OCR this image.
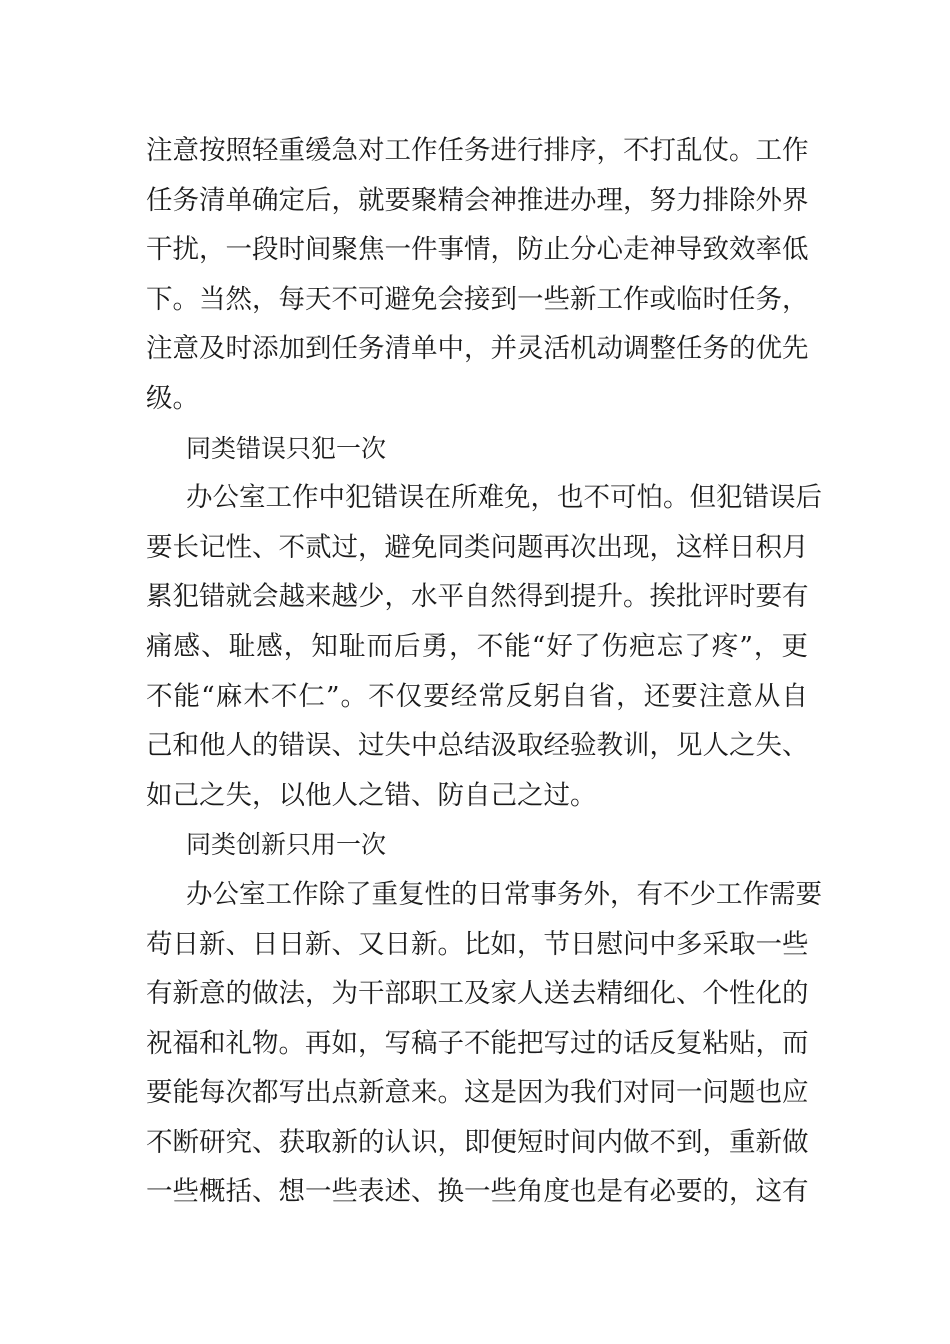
注意按照轻重缓急对工作任务进行排序，不打乱仗。工作
任务清单确定后，就要聚精会神推进办理，努力排除外界
干扰，一段时间聚焦一件事情，防止分心走神导致效率低
下。当然，每天不可避免会接到一些新工作或临时任务，
注意及时添加到任务清单中，并灵活机动调整任务的优先
级。
同类错误只犯一次
办公室工作中犯错误在所难免，也不可怕。但犯错误后
要长记性、不贰过，避免同类问题再次出现，这样日积月
累犯错就会越来越少，水平自然得到提升。挨批评时要有
痛感、耻感，知耻而后勇，不能“好了伤疤忘了疼”，更
不能“麻木不仁”。不仅要经常反躬自省，还要注意从自
己和他人的错误、过失中总结汲取经验教训，见人之失、
如己之失，以他人之错、防自己之过。
同类创新只用一次
办公室工作除了重复性的日常事务外，有不少工作需要
苟日新、日日新、又日新。比如，节日慰问中多采取一些
有新意的做法，为干部职工及家人送去精细化、个性化的
祝福和礼物。再如，写稿子不能把写过的话反复粘贴，而
要能每次都写出点新意来。这是因为我们对同一问题也应
不断研究、获取新的认识，即便短时间内做不到，重新做
一些概括、想一些表述、换一些角度也是有必要的，这有
